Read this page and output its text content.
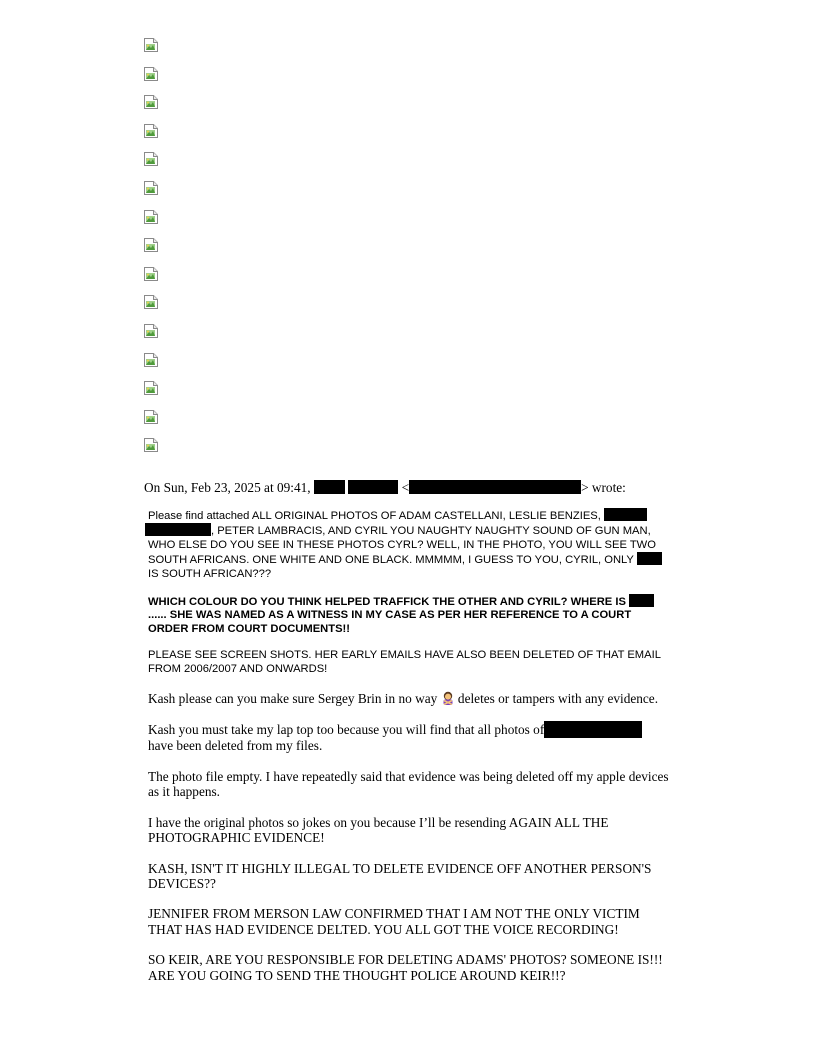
On Sun, Feb 23, 2025 at 09:41,	<	> wrote:

Please find attached ALL ORIGINAL PHOTOS OF ADAM CASTELLANI, LESLIE BENZIES,  , PETER LAMBRACIS, AND CYRIL YOU NAUGHTY NAUGHTY SOUND OF GUN MAN, WHO ELSE DO YOU SEE IN THESE PHOTOS CYRL? WELL, IN THE PHOTO, YOU WILL SEE TWO SOUTH AFRICANS. ONE WHITE AND ONE BLACK. MMMMM, I GUESS TO YOU, CYRIL, ONLY  IS SOUTH AFRICAN???

WHICH COLOUR DO YOU THINK HELPED TRAFFICK THE OTHER AND CYRIL? WHERE IS  ...... SHE WAS NAMED AS A WITNESS IN MY CASE AS PER HER REFERENCE TO A COURT ORDER FROM COURT DOCUMENTS!!

PLEASE SEE SCREEN SHOTS. HER EARLY EMAILS HAVE ALSO BEEN DELETED OF THAT EMAIL FROM 2006/2007 AND ONWARDS!

Kash please can you make sure Sergey Brin in no way deletes or tampers with any evidence.

Kash you must take my lap top too because you will find that all photos of have been deleted from my files.

The photo file empty. I have repeatedly said that evidence was being deleted off my apple devices as it happens.

I have the original photos so jokes on you because I’ll be resending AGAIN ALL THE PHOTOGRAPHIC EVIDENCE!

KASH, ISN'T IT HIGHLY ILLEGAL TO DELETE EVIDENCE OFF ANOTHER PERSON'S DEVICES??

JENNIFER FROM MERSON LAW CONFIRMED THAT I AM NOT THE ONLY VICTIM THAT HAS HAD EVIDENCE DELTED. YOU ALL GOT THE VOICE RECORDING!

SO KEIR, ARE YOU RESPONSIBLE FOR DELETING ADAMS' PHOTOS? SOMEONE IS!!! ARE YOU GOING TO SEND THE THOUGHT POLICE AROUND KEIR!!?
